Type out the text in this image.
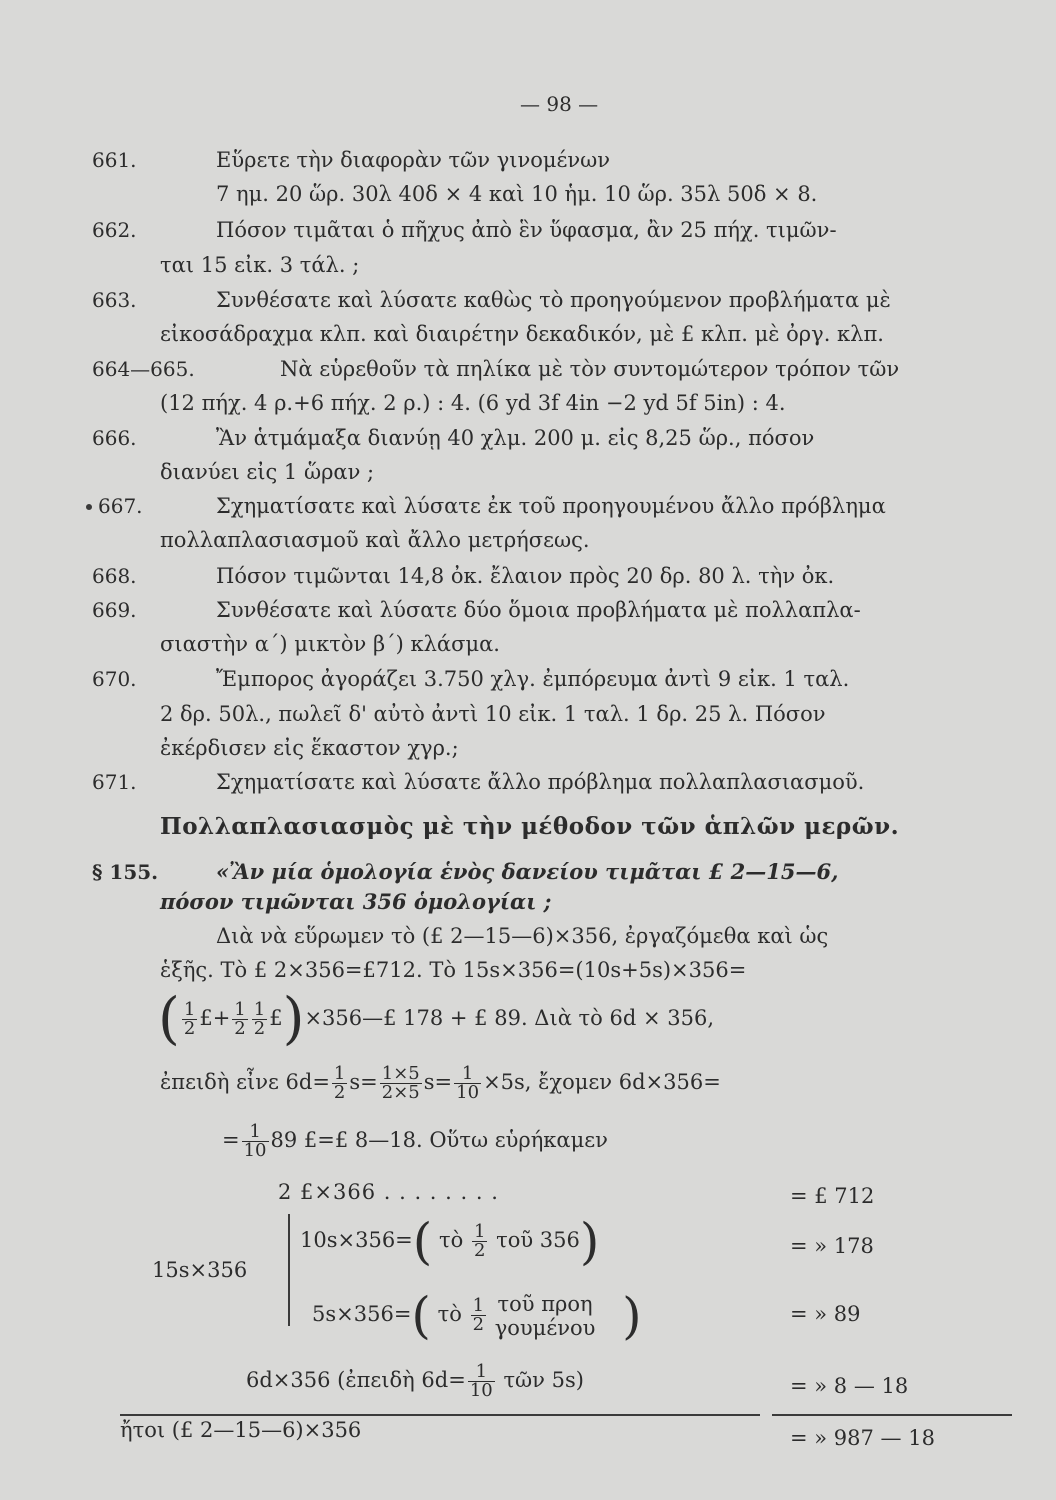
— 98 —
661.	Εὕρετε τὴν διαφορὰν τῶν γινομένων
7 ημ. 20 ὥρ. 30λ 40δ × 4 καὶ 10 ἡμ. 10 ὥρ. 35λ 50δ × 8.
662.	Πόσον τιμᾶται ὁ πῆχυς ἀπὸ ἓν ὕφασμα, ἂν 25 πήχ. τιμῶν-
ται 15 εἰκ. 3 τάλ. ;
663.	Συνθέσατε καὶ λύσατε καθὼς τὸ προηγούμενον προβλήματα μὲ
εἰκοσάδραχμα κλπ. καὶ διαιρέτην δεκαδικόν, μὲ £ κλπ. μὲ ὀργ. κλπ.
664—665.	Νὰ εὑρεθοῦν τὰ πηλίκα μὲ τὸν συντομώτερον τρόπον τῶν
(12 πήχ. 4 ρ.+6 πήχ. 2 ρ.) : 4. (6 yd 3f 4in −2 yd 5f 5in) : 4.
666.	Ἂν ἁτμάμαξα διανύῃ 40 χλμ. 200 μ. εἰς 8,25 ὥρ., πόσον
διανύει εἰς 1 ὥραν ;
667.	Σχηματίσατε καὶ λύσατε ἐκ τοῦ προηγουμένου ἄλλο πρόβλημα
πολλαπλασιασμοῦ καὶ ἄλλο μετρήσεως.
668.	Πόσον τιμῶνται 14,8 ὀκ. ἔλαιον πρὸς 20 δρ. 80 λ. τὴν ὀκ.
669.	Συνθέσατε καὶ λύσατε δύο ὅμοια προβλήματα μὲ πολλαπλα-
σιαστὴν α΄) μικτὸν β΄) κλάσμα.
670.	Ἔμπορος ἀγοράζει 3.750 χλγ. ἐμπόρευμα ἀντὶ 9 εἰκ. 1 ταλ.
2 δρ. 50λ., πωλεῖ δ' αὐτὸ ἀντὶ 10 εἰκ. 1 ταλ. 1 δρ. 25 λ. Πόσον
ἐκέρδισεν εἰς ἕκαστον χγρ.;
671.	Σχηματίσατε καὶ λύσατε ἄλλο πρόβλημα πολλαπλασιασμοῦ.
Πολλαπλασιασμὸς μὲ τὴν μέθοδον τῶν ἁπλῶν μερῶν.
§ 155.	«Ἂν μία ὁμολογία ἑνὸς δανείου τιμᾶται £ 2—15—6,
πόσον τιμῶνται 356 ὁμολογίαι ;
Διὰ νὰ εὕρωμεν τὸ (£ 2—15—6)×356, ἐργαζόμεθα καὶ ὡς
ἑξῆς. Τὸ £ 2×356=£712. Τὸ 15s×356=(10s+5s)×356=
( $\frac{1}{2}$ £+ $\frac{1}{2} \frac{1}{2}$ £)×356—£ 178 + £ 89. Διὰ τὸ 6d × 356,
ἐπειδὴ εἶνε $6d= \frac{1}{2} s= \frac{1\times 5}{2\times 5} s= \frac{1}{10} \times 5s$, ἔχομεν 6d×356=
= $\frac{1}{10} 89$ £=£ 8—18. Οὕτω εὑρήκαμεν
2 £×366 . . . . . . . .	= £ 712
15s×356
10s×356=( τὸ $\frac{1}{2}$ τοῦ 356)	= » 178
5s×356=( τὸ $\frac{1}{2}$
τοῦ προη
γουμένου )	= » 89
6d×356 (ἐπειδὴ $6d= \frac{1}{10}$ τῶν 5s)	= » 8 — 18
ἤτοι (£ 2—15—6)×356	= » 987 — 18
